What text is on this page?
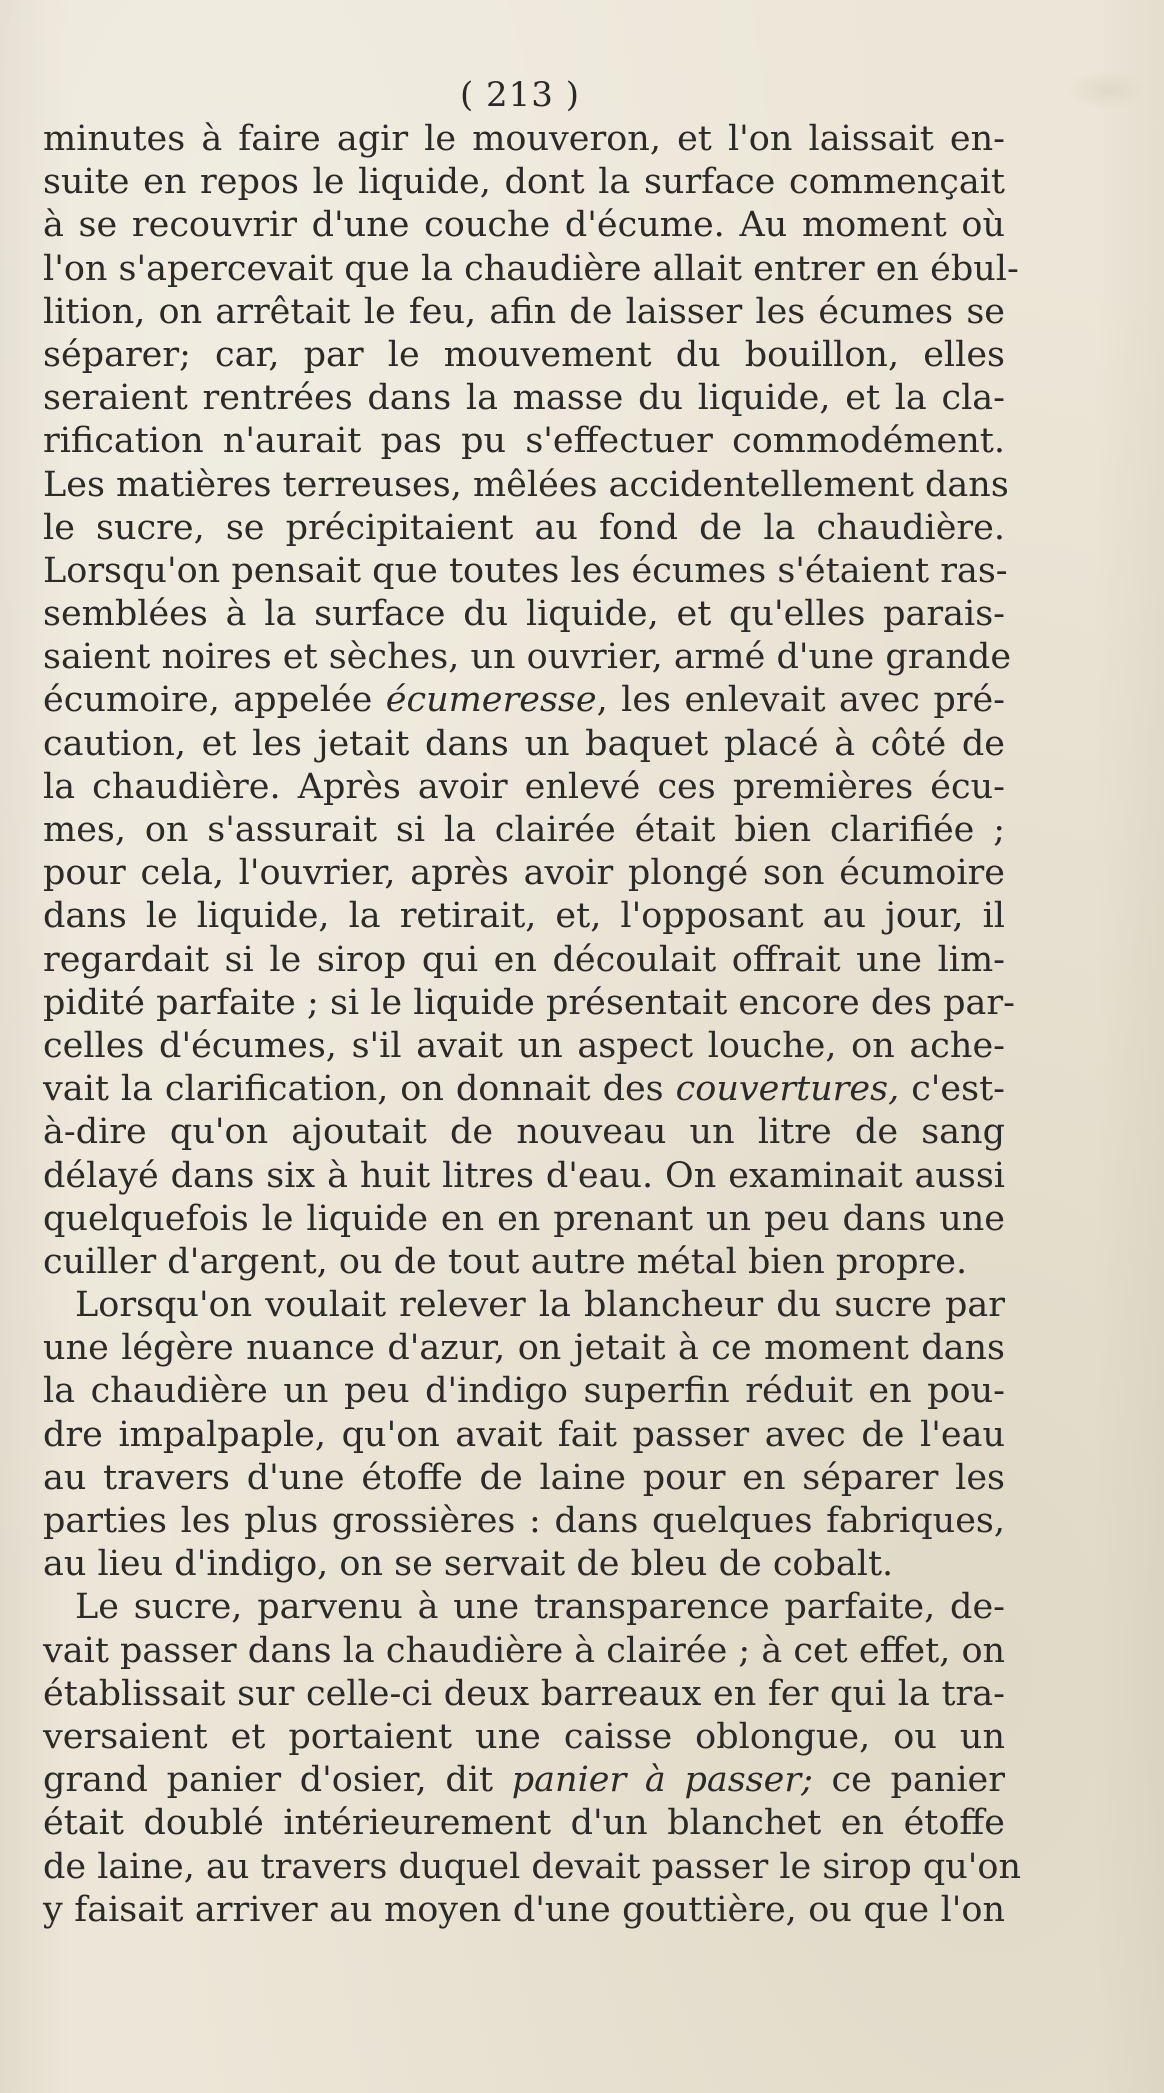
( 213 )
minutes à faire agir le mouveron, et l'on laissait en-
suite en repos le liquide, dont la surface commençait
à se recouvrir d'une couche d'écume. Au moment où
l'on s'apercevait que la chaudière allait entrer en ébul-
lition, on arrêtait le feu, afin de laisser les écumes se
séparer; car, par le mouvement du bouillon, elles
seraient rentrées dans la masse du liquide, et la cla-
rification n'aurait pas pu s'effectuer commodément.
Les matières terreuses, mêlées accidentellement dans
le sucre, se précipitaient au fond de la chaudière.
Lorsqu'on pensait que toutes les écumes s'étaient ras-
semblées à la surface du liquide, et qu'elles parais-
saient noires et sèches, un ouvrier, armé d'une grande
écumoire, appelée écumeresse, les enlevait avec pré-
caution, et les jetait dans un baquet placé à côté de
la chaudière. Après avoir enlevé ces premières écu-
mes, on s'assurait si la clairée était bien clarifiée ;
pour cela, l'ouvrier, après avoir plongé son écumoire
dans le liquide, la retirait, et, l'opposant au jour, il
regardait si le sirop qui en découlait offrait une lim-
pidité parfaite ; si le liquide présentait encore des par-
celles d'écumes, s'il avait un aspect louche, on ache-
vait la clarification, on donnait des couvertures, c'est-
à-dire qu'on ajoutait de nouveau un litre de sang
délayé dans six à huit litres d'eau. On examinait aussi
quelquefois le liquide en en prenant un peu dans une
cuiller d'argent, ou de tout autre métal bien propre.
Lorsqu'on voulait relever la blancheur du sucre par
une légère nuance d'azur, on jetait à ce moment dans
la chaudière un peu d'indigo superfin réduit en pou-
dre impalpaple, qu'on avait fait passer avec de l'eau
au travers d'une étoffe de laine pour en séparer les
parties les plus grossières : dans quelques fabriques,
au lieu d'indigo, on se servait de bleu de cobalt.
Le sucre, parvenu à une transparence parfaite, de-
vait passer dans la chaudière à clairée ; à cet effet, on
établissait sur celle-ci deux barreaux en fer qui la tra-
versaient et portaient une caisse oblongue, ou un
grand panier d'osier, dit panier à passer; ce panier
était doublé intérieurement d'un blanchet en étoffe
de laine, au travers duquel devait passer le sirop qu'on
y faisait arriver au moyen d'une gouttière, ou que l'on
